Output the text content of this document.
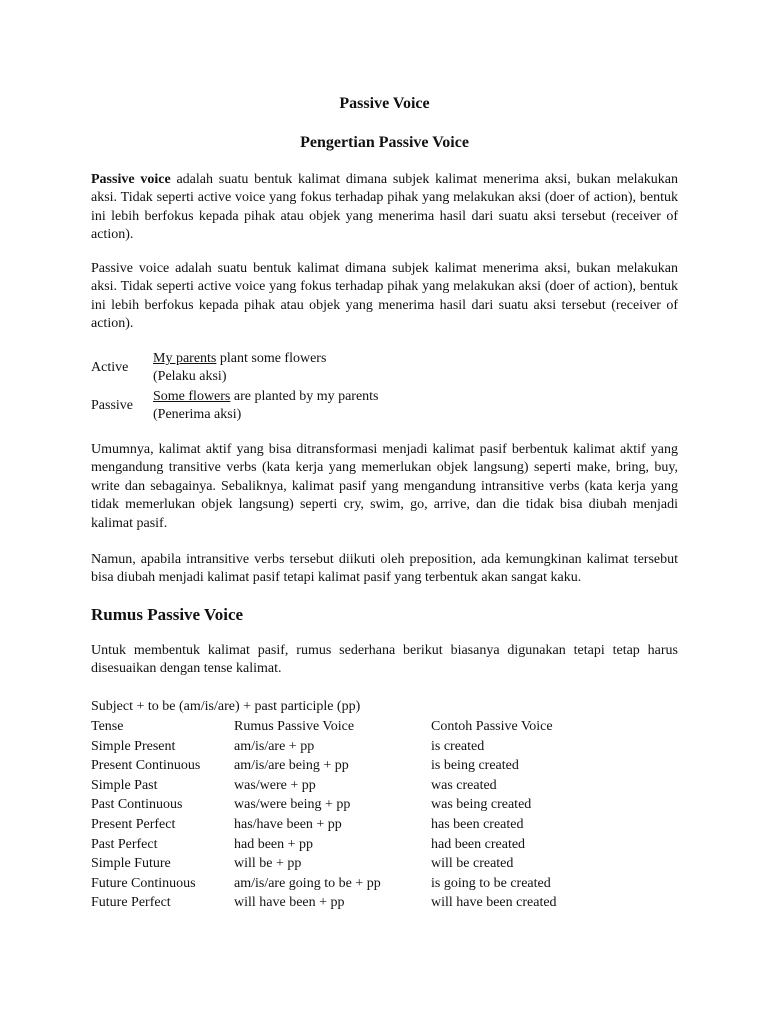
Passive Voice
Pengertian Passive Voice

Passive voice adalah suatu bentuk kalimat dimana subjek kalimat menerima aksi, bukan melakukan aksi. Tidak seperti active voice yang fokus terhadap pihak yang melakukan aksi (doer of action), bentuk ini lebih berfokus kepada pihak atau objek yang menerima hasil dari suatu aksi tersebut (receiver of action).

Passive voice adalah suatu bentuk kalimat dimana subjek kalimat menerima aksi, bukan melakukan aksi. Tidak seperti active voice yang fokus terhadap pihak yang melakukan aksi (doer of action), bentuk ini lebih berfokus kepada pihak atau objek yang menerima hasil dari suatu aksi tersebut (receiver of action).

Active
My parents plant some flowers
(Pelaku aksi)
Passive
Some flowers are planted by my parents
(Penerima aksi)

Umumnya, kalimat aktif yang bisa ditransformasi menjadi kalimat pasif berbentuk kalimat aktif yang mengandung transitive verbs (kata kerja yang memerlukan objek langsung) seperti make, bring, buy, write dan sebagainya. Sebaliknya, kalimat pasif yang mengandung intransitive verbs (kata kerja yang tidak memerlukan objek langsung) seperti cry, swim, go, arrive, dan die tidak bisa diubah menjadi kalimat pasif.

Namun, apabila intransitive verbs tersebut diikuti oleh preposition, ada kemungkinan kalimat tersebut bisa diubah menjadi kalimat pasif tetapi kalimat pasif yang terbentuk akan sangat kaku.

Rumus Passive Voice

Untuk membentuk kalimat pasif, rumus sederhana berikut biasanya digunakan tetapi tetap harus disesuaikan dengan tense kalimat.

Subject + to be (am/is/are) + past participle (pp)
Tense	Rumus Passive Voice	Contoh Passive Voice
Simple Present	am/is/are + pp	is created
Present Continuous	am/is/are being + pp	is being created
Simple Past	was/were + pp	was created
Past Continuous	was/were being + pp	was being created
Present Perfect	has/have been + pp	has been created
Past Perfect	had been + pp	had been created
Simple Future	will be + pp	will be created
Future Continuous	am/is/are going to be + pp	is going to be created
Future Perfect	will have been + pp	will have been created
